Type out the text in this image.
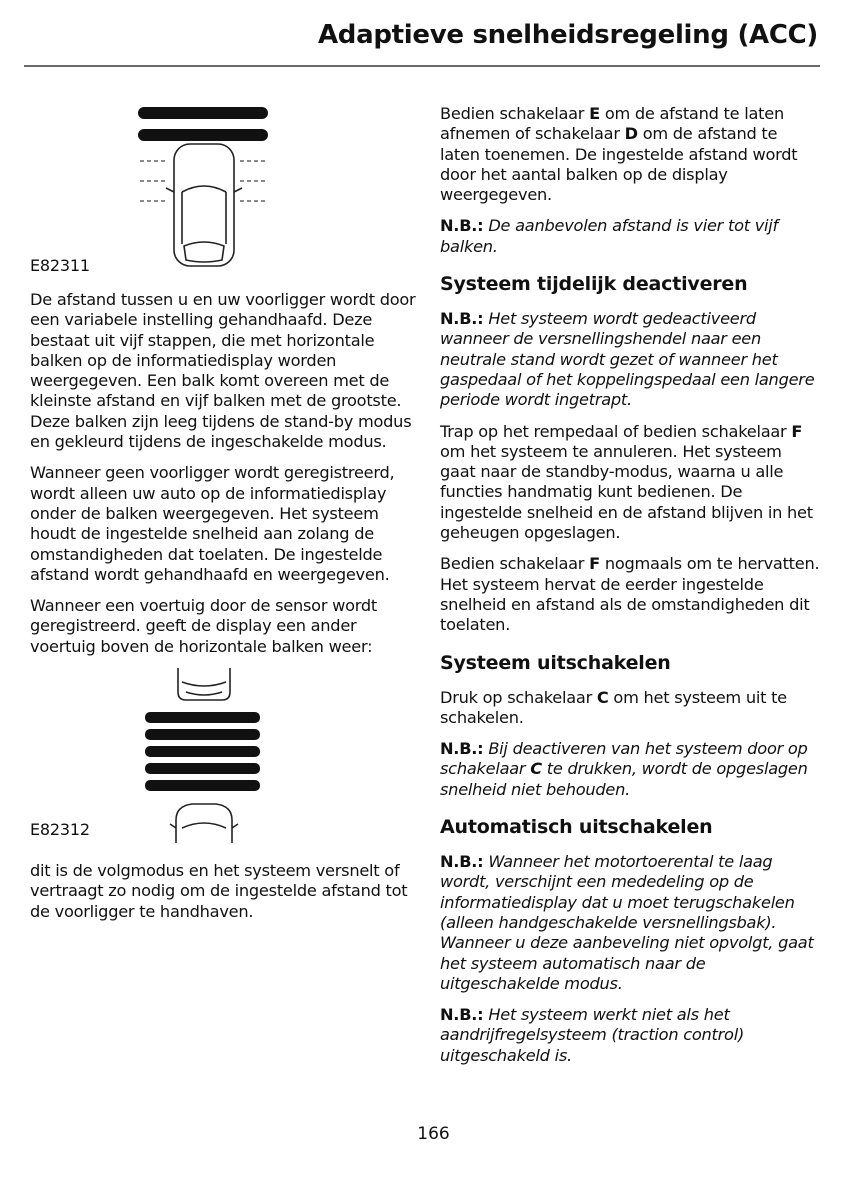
Adaptieve snelheidsregeling (ACC)
E82311

De afstand tussen u en uw voorligger wordt door een variabele instelling gehandhaafd. Deze bestaat uit vijf stappen, die met horizontale balken op de informatiedisplay worden weergegeven. Een balk komt overeen met de kleinste afstand en vijf balken met de grootste. Deze balken zijn leeg tijdens de stand-by modus en gekleurd tijdens de ingeschakelde modus.

Wanneer geen voorligger wordt geregistreerd, wordt alleen uw auto op de informatiedisplay onder de balken weergegeven. Het systeem houdt de ingestelde snelheid aan zolang de omstandigheden dat toelaten. De ingestelde afstand wordt gehandhaafd en weergegeven.

Wanneer een voertuig door de sensor wordt geregistreerd. geeft de display een ander voertuig boven de horizontale balken weer:

E82312

dit is de volgmodus en het systeem versnelt of vertraagt zo nodig om de ingestelde afstand tot de voorligger te handhaven.

Bedien schakelaar E om de afstand te laten afnemen of schakelaar D om de afstand te laten toenemen. De ingestelde afstand wordt door het aantal balken op de display weergegeven.

N.B.: De aanbevolen afstand is vier tot vijf balken.

Systeem tijdelijk deactiveren

N.B.: Het systeem wordt gedeactiveerd wanneer de versnellingshendel naar een neutrale stand wordt gezet of wanneer het gaspedaal of het koppelingspedaal een langere periode wordt ingetrapt.

Trap op het rempedaal of bedien schakelaar F om het systeem te annuleren. Het systeem gaat naar de standby-modus, waarna u alle functies handmatig kunt bedienen. De ingestelde snelheid en de afstand blijven in het geheugen opgeslagen.

Bedien schakelaar F nogmaals om te hervatten. Het systeem hervat de eerder ingestelde snelheid en afstand als de omstandigheden dit toelaten.

Systeem uitschakelen

Druk op schakelaar C om het systeem uit te schakelen.

N.B.: Bij deactiveren van het systeem door op schakelaar C te drukken, wordt de opgeslagen snelheid niet behouden.

Automatisch uitschakelen

N.B.: Wanneer het motortoerental te laag wordt, verschijnt een mededeling op de informatiedisplay dat u moet terugschakelen (alleen handgeschakelde versnellingsbak). Wanneer u deze aanbeveling niet opvolgt, gaat het systeem automatisch naar de uitgeschakelde modus.

N.B.: Het systeem werkt niet als het aandrijfregelsysteem (traction control) uitgeschakeld is.

166
